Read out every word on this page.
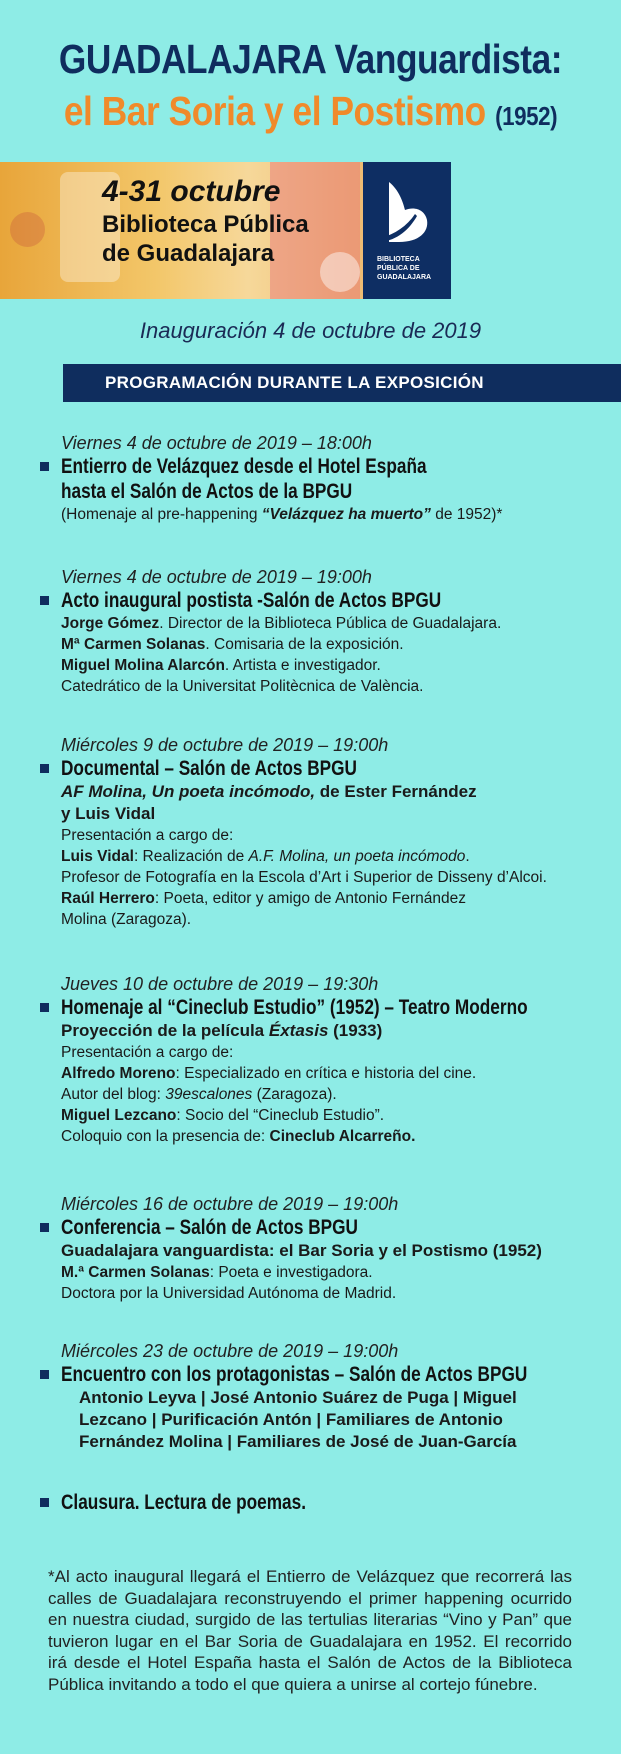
GUADALAJARA Vanguardista:
el Bar Soria y el Postismo (1952)
4-31 octubre
Biblioteca Pública
de Guadalajara	BIBLIOTECA
PÚBLICA DE
GUADALAJARA
Inauguración 4 de octubre de 2019
PROGRAMACIÓN DURANTE LA EXPOSICIÓN
Viernes 4 de octubre de 2019 – 18:00h
Entierro de Velázquez desde el Hotel España
hasta el Salón de Actos de la BPGU
(Homenaje al pre-happening “Velázquez ha muerto” de 1952)*
Viernes 4 de octubre de 2019 – 19:00h
Acto inaugural postista -Salón de Actos BPGU
Jorge Gómez. Director de la Biblioteca Pública de Guadalajara.
Mª Carmen Solanas. Comisaria de la exposición.
Miguel Molina Alarcón. Artista e investigador.
Catedrático de la Universitat Politècnica de València.
Miércoles 9 de octubre de 2019 – 19:00h
Documental – Salón de Actos BPGU
AF Molina, Un poeta incómodo, de Ester Fernández
y Luis Vidal
Presentación a cargo de:
Luis Vidal: Realización de A.F. Molina, un poeta incómodo.
Profesor de Fotografía en la Escola d’Art i Superior de Disseny d’Alcoi.
Raúl Herrero: Poeta, editor y amigo de Antonio Fernández
Molina (Zaragoza).
Jueves 10 de octubre de 2019 – 19:30h
Homenaje al “Cineclub Estudio” (1952) – Teatro Moderno
Proyección de la película Éxtasis (1933)
Presentación a cargo de:
Alfredo Moreno: Especializado en crítica e historia del cine.
Autor del blog: 39escalones (Zaragoza).
Miguel Lezcano: Socio del “Cineclub Estudio”.
Coloquio con la presencia de: Cineclub Alcarreño.
Miércoles 16 de octubre de 2019 – 19:00h
Conferencia – Salón de Actos BPGU
Guadalajara vanguardista: el Bar Soria y el Postismo (1952)
M.ª Carmen Solanas: Poeta e investigadora.
Doctora por la Universidad Autónoma de Madrid.
Miércoles 23 de octubre de 2019 – 19:00h
Encuentro con los protagonistas – Salón de Actos BPGU
Antonio Leyva | José Antonio Suárez de Puga | Miguel
Lezcano | Purificación Antón | Familiares de Antonio
Fernández Molina | Familiares de José de Juan-García
Clausura. Lectura de poemas.
*Al acto inaugural llegará el Entierro de Velázquez que recorrerá las calles de Guadalajara reconstruyendo el primer happening ocurrido en nuestra ciudad, surgido de las tertulias literarias “Vino y Pan” que tuvieron lugar en el Bar Soria de Guadalajara en 1952. El recorrido irá desde el Hotel España hasta el Salón de Actos de la Biblioteca Pública invitando a todo el que quiera a unirse al cortejo fúnebre.
